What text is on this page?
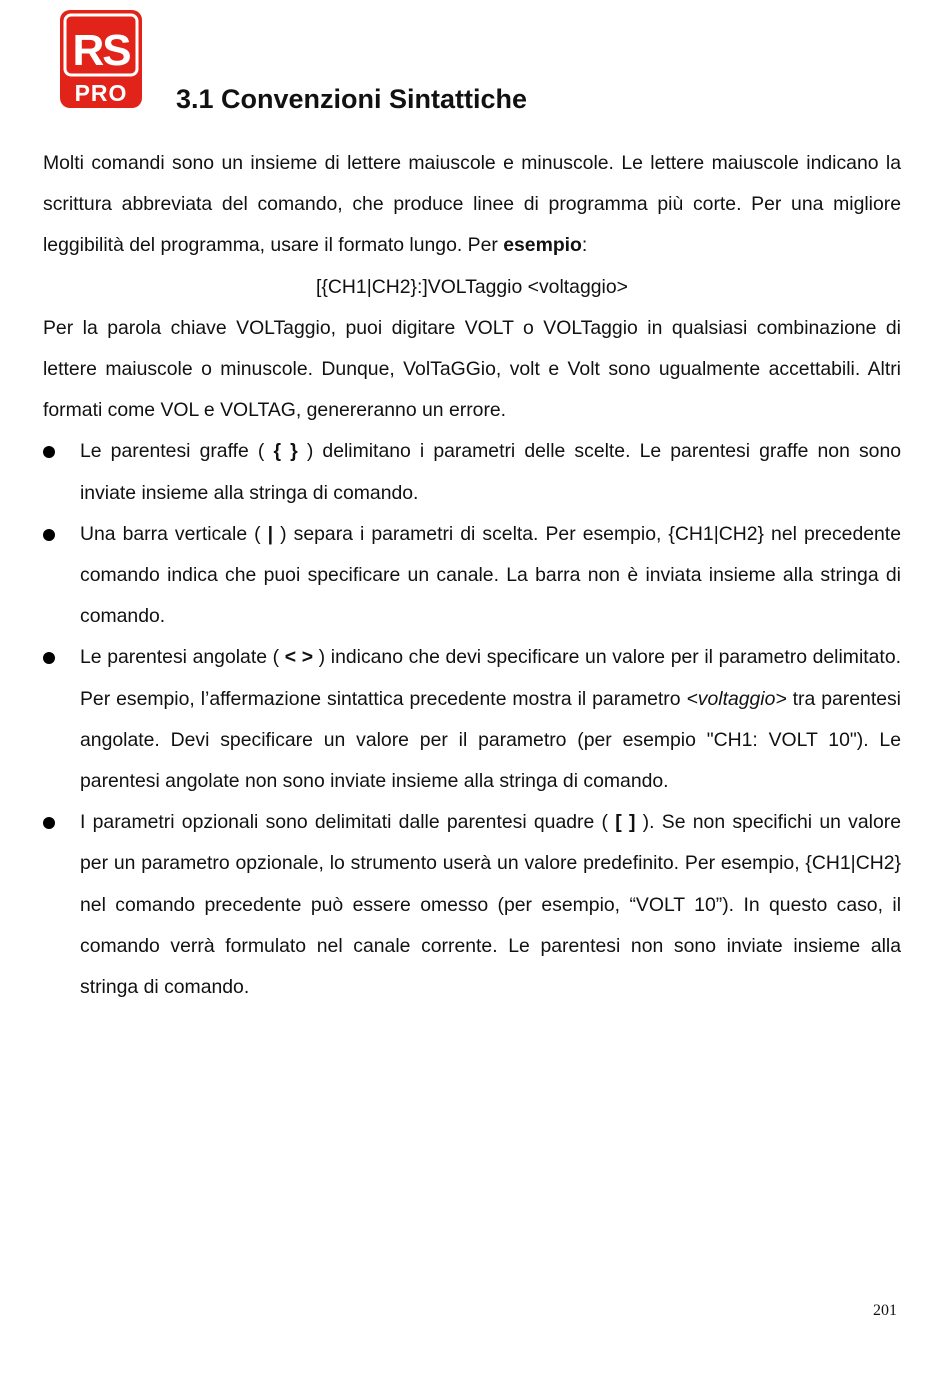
RS
PRO 3.1 Convenzioni Sintattiche

Molti comandi sono un insieme di lettere maiuscole e minuscole. Le lettere maiuscole indicano la scrittura abbreviata del comando, che produce linee di programma più corte. Per una migliore leggibilità del programma, usare il formato lungo. Per esempio:

[{CH1|CH2}:]VOLTaggio <voltaggio>

Per la parola chiave VOLTaggio, puoi digitare VOLT o VOLTaggio in qualsiasi combinazione di lettere maiuscole o minuscole. Dunque, VolTaGGio, volt e Volt sono ugualmente accettabili. Altri formati come VOL e VOLTAG, genereranno un errore.

Le parentesi graffe ( { } ) delimitano i parametri delle scelte. Le parentesi graffe non sono inviate insieme alla stringa di comando.
Una barra verticale ( | ) separa i parametri di scelta. Per esempio, {CH1|CH2} nel precedente comando indica che puoi specificare un canale. La barra non è inviata insieme alla stringa di comando.
Le parentesi angolate ( < > ) indicano che devi specificare un valore per il parametro delimitato. Per esempio, l’affermazione sintattica precedente mostra il parametro <voltaggio> tra parentesi angolate. Devi specificare un valore per il parametro (per esempio "CH1: VOLT 10"). Le parentesi angolate non sono inviate insieme alla stringa di comando.
I parametri opzionali sono delimitati dalle parentesi quadre ( [ ] ). Se non specifichi un valore per un parametro opzionale, lo strumento userà un valore predefinito. Per esempio, {CH1|CH2} nel comando precedente può essere omesso (per esempio, “VOLT 10”). In questo caso, il comando verrà formulato nel canale corrente. Le parentesi non sono inviate insieme alla stringa di comando.
201
